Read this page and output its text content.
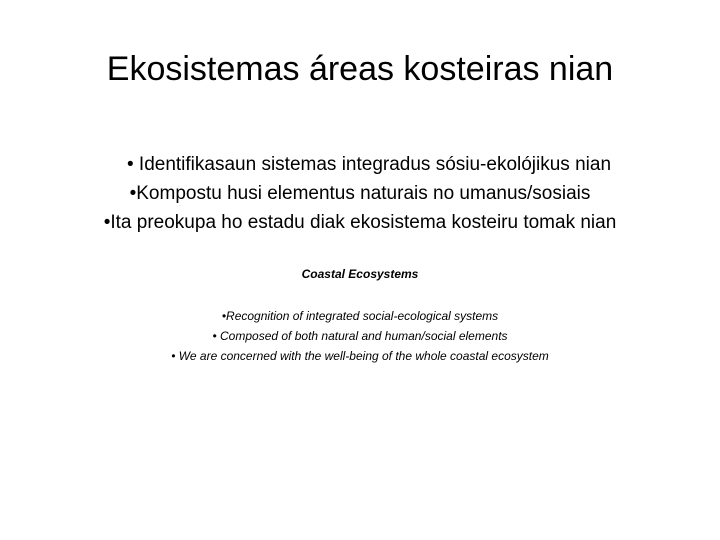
Ekosistemas áreas kosteiras nian
• Identifikasaun sistemas integradus sósiu-ekolójikus nian
•Kompostu husi elementus naturais no umanus/sosiais
•Ita preokupa ho estadu diak ekosistema kosteiru tomak nian

Coastal Ecosystems

•Recognition of integrated social-ecological systems
• Composed of both natural and human/social elements
• We are concerned with the well-being of the whole coastal ecosystem
